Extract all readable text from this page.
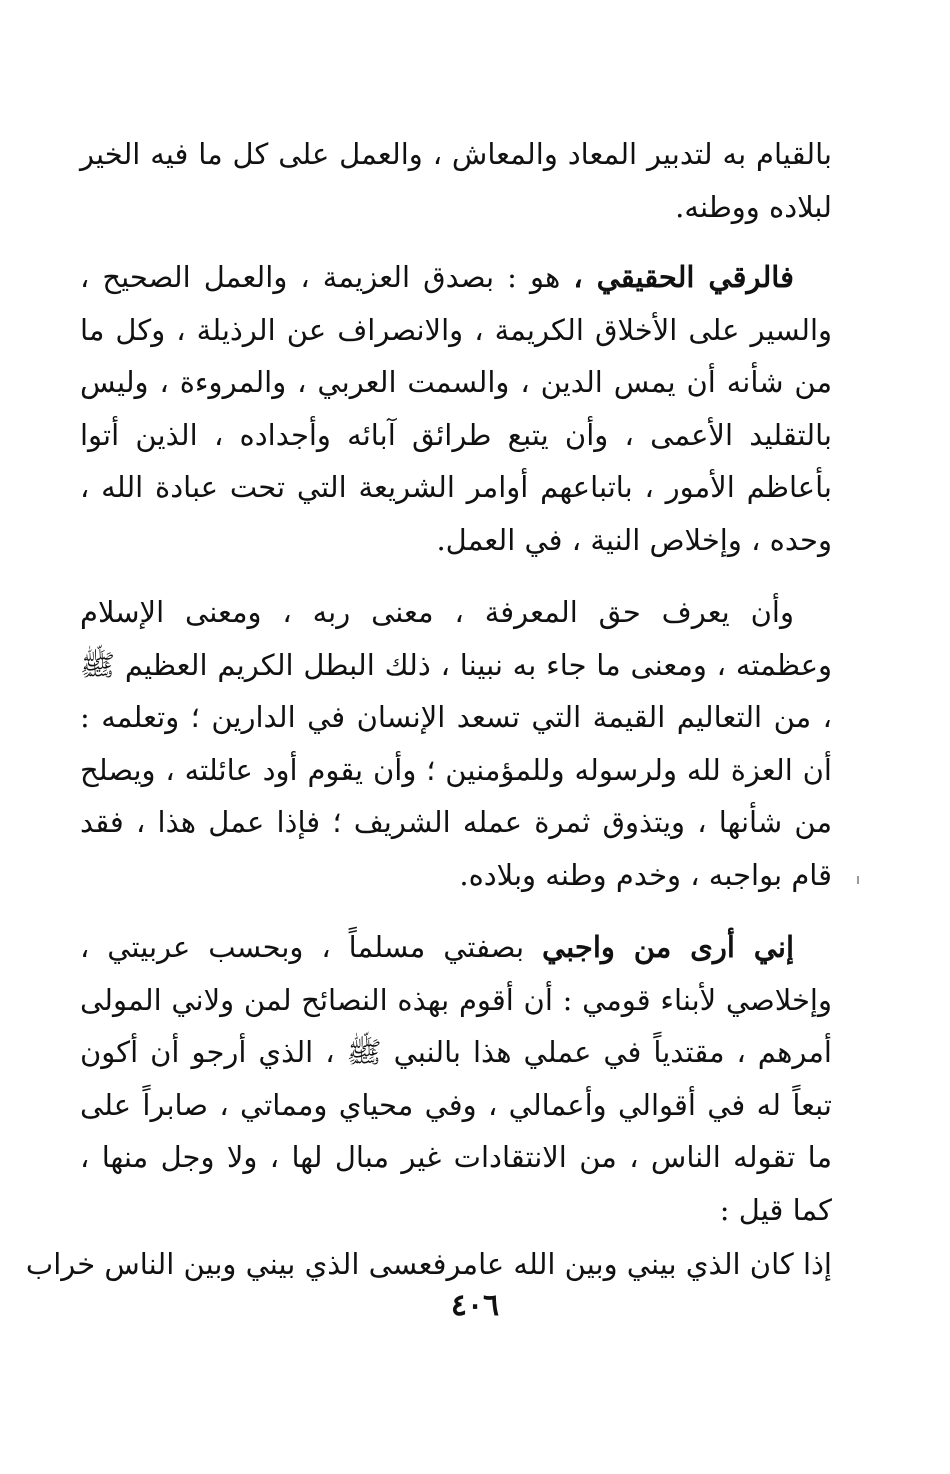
بالقيام به لتدبير المعاد والمعاش ، والعمل على كل ما فيه الخير لبلاده ووطنه.

فالرقي الحقيقي ، هو : بصدق العزيمة ، والعمل الصحيح ، والسير على الأخلاق الكريمة ، والانصراف عن الرذيلة ، وكل ما من شأنه أن يمس الدين ، والسمت العربي ، والمروءة ، وليس بالتقليد الأعمى ، وأن يتبع طرائق آبائه وأجداده ، الذين أتوا بأعاظم الأمور ، باتباعهم أوامر الشريعة التي تحت عبادة الله ، وحده ، وإخلاص النية ، في العمل.

وأن يعرف حق المعرفة ، معنى ربه ، ومعنى الإسلام وعظمته ، ومعنى ما جاء به نبينا ، ذلك البطل الكريم العظيم ﷺ ، من التعاليم القيمة التي تسعد الإنسان في الدارين ؛ وتعلمه : أن العزة لله ولرسوله وللمؤمنين ؛ وأن يقوم أود عائلته ، ويصلح من شأنها ، ويتذوق ثمرة عمله الشريف ؛ فإذا عمل هذا ، فقد قام بواجبه ، وخدم وطنه وبلاده.

إني أرى من واجبي بصفتي مسلماً ، وبحسب عربيتي ، وإخلاصي لأبناء قومي : أن أقوم بهذه النصائح لمن ولاني المولى أمرهم ، مقتدياً في عملي هذا بالنبي ﷺ ، الذي أرجو أن أكون تبعاً له في أقوالي وأعمالي ، وفي محياي ومماتي ، صابراً على ما تقوله الناس ، من الانتقادات غير مبال لها ، ولا وجل منها ، كما قيل :

إذا كان الذي بيني وبين الله عامر
فعسى الذي بيني وبين الناس خراب
٤٠٦
